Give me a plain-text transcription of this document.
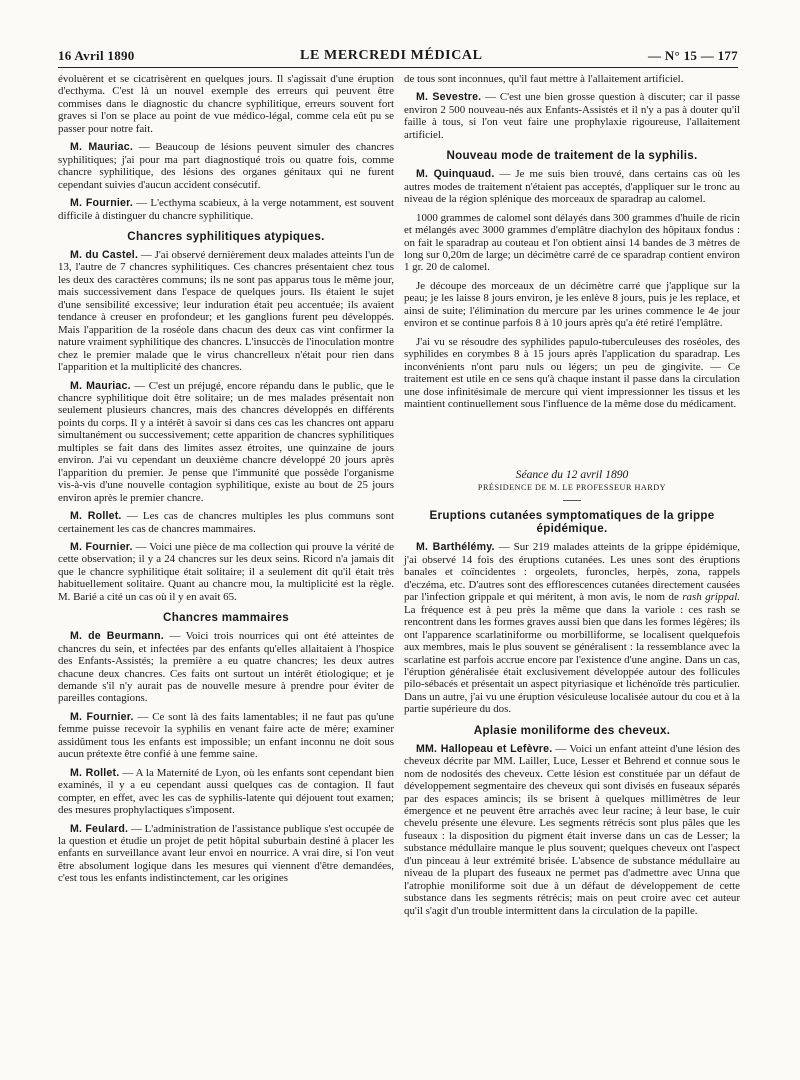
16 Avril 1890	LE MERCREDI MÉDICAL	— N° 15 — 177

évoluèrent et se cicatrisèrent en quelques jours. Il s'agissait d'une éruption d'ecthyma. C'est là un nouvel exemple des erreurs qui peuvent être commises dans le diagnostic du chancre syphilitique, erreurs souvent fort graves si l'on se place au point de vue médico-légal, comme cela eût pu se passer pour notre fait.

M. Mauriac. — Beaucoup de lésions peuvent simuler des chancres syphilitiques; j'ai pour ma part diagnostiqué trois ou quatre fois, comme chancre syphilitique, des lésions des organes génitaux qui ne furent cependant suivies d'aucun accident consécutif.

M. Fournier. — L'ecthyma scabieux, à la verge notamment, est souvent difficile à distinguer du chancre syphilitique.

Chancres syphilitiques atypiques.

M. du Castel. — J'ai observé dernièrement deux malades atteints l'un de 13, l'autre de 7 chancres syphilitiques. Ces chancres présentaient chez tous les deux des caractères communs; ils ne sont pas apparus tous le même jour, mais successivement dans l'espace de quelques jours. Ils étaient le sujet d'une sensibilité excessive; leur induration était peu accentuée; ils avaient tendance à creuser en profondeur; et les ganglions furent peu développés. Mais l'apparition de la roséole dans chacun des deux cas vint confirmer la nature vraiment syphilitique des chancres. L'insuccès de l'inoculation montre chez le premier malade que le virus chancrelleux n'était pour rien dans l'apparition et la multiplicité des chancres.

M. Mauriac. — C'est un préjugé, encore répandu dans le public, que le chancre syphilitique doit être solitaire; un de mes malades présentait non seulement plusieurs chancres, mais des chancres développés en différents points du corps. Il y a intérêt à savoir si dans ces cas les chancres ont apparu simultanément ou successivement; cette apparition de chancres syphilitiques multiples se fait dans des limites assez étroites, une quinzaine de jours environ. J'ai vu cependant un deuxième chancre développé 20 jours après l'apparition du premier. Je pense que l'immunité que possède l'organisme vis-à-vis d'une nouvelle contagion syphilitique, existe au bout de 25 jours environ après le premier chancre.

M. Rollet. — Les cas de chancres multiples les plus communs sont certainement les cas de chancres mammaires.

M. Fournier. — Voici une pièce de ma collection qui prouve la vérité de cette observation; il y a 24 chancres sur les deux seins. Ricord n'a jamais dit que le chancre syphilitique était solitaire; il a seulement dit qu'il était très habituellement solitaire. Quant au chancre mou, la multiplicité est la règle. M. Barié a cité un cas où il y en avait 65.

Chancres mammaires

M. de Beurmann. — Voici trois nourrices qui ont été atteintes de chancres du sein, et infectées par des enfants qu'elles allaitaient à l'hospice des Enfants-Assistés; la première a eu quatre chancres; les deux autres chacune deux chancres. Ces faits ont surtout un intérêt étiologique; et je demande s'il n'y aurait pas de nouvelle mesure à prendre pour éviter de pareilles contagions.

M. Fournier. — Ce sont là des faits lamentables; il ne faut pas qu'une femme puisse recevoir la syphilis en venant faire acte de mère; examiner assidûment tous les enfants est impossible; un enfant inconnu ne doit sous aucun prétexte être confié à une femme saine.

M. Rollet. — A la Maternité de Lyon, où les enfants sont cependant bien examinés, il y a eu cependant aussi quelques cas de contagion. Il faut compter, en effet, avec les cas de syphilis-latente qui déjouent tout examen; des mesures prophylactiques s'imposent.

M. Feulard. — L'administration de l'assistance publique s'est occupée de la question et étudie un projet de petit hôpital suburbain destiné à placer les enfants en surveillance avant leur envoi en nourrice. A vrai dire, si l'on veut être absolument logique dans les mesures qui viennent d'être demandées, c'est tous les enfants indistinctement, car les origines

de tous sont inconnues, qu'il faut mettre à l'allaitement artificiel.

M. Sevestre. — C'est une bien grosse question à discuter; car il passe environ 2 500 nouveau-nés aux Enfants-Assistés et il n'y a pas à douter qu'il faille à tous, si l'on veut faire une prophylaxie rigoureuse, l'allaitement artificiel.

Nouveau mode de traitement de la syphilis.

M. Quinquaud. — Je me suis bien trouvé, dans certains cas où les autres modes de traitement n'étaient pas acceptés, d'appliquer sur le tronc au niveau de la région splénique des morceaux de sparadrap au calomel.

1000 grammes de calomel sont délayés dans 300 grammes d'huile de ricin et mélangés avec 3000 grammes d'emplâtre diachylon des hôpitaux fondus : on fait le sparadrap au couteau et l'on obtient ainsi 14 bandes de 3 mètres de long sur 0,20m de large; un décimètre carré de ce sparadrap contient environ 1 gr. 20 de calomel.

Je découpe des morceaux de un décimètre carré que j'applique sur la peau; je les laisse 8 jours environ, je les enlève 8 jours, puis je les replace, et ainsi de suite; l'élimination du mercure par les urines commence le 4e jour environ et se continue parfois 8 à 10 jours après qu'a été retiré l'emplâtre.

J'ai vu se résoudre des syphilides papulo-tuberculeuses des roséoles, des syphilides en corymbes 8 à 15 jours après l'application du sparadrap. Les inconvénients n'ont paru nuls ou légers; un peu de gingivite. — Ce traitement est utile en ce sens qu'à chaque instant il passe dans la circulation une dose infinitésimale de mercure qui vient impressionner les tissus et les maintient continuellement sous l'influence de la même dose du médicament.

Séance du 12 avril 1890
PRÉSIDENCE DE M. LE PROFESSEUR HARDY
Eruptions cutanées symptomatiques de la grippe épidémique.

M. Barthélémy. — Sur 219 malades atteints de la grippe épidémique, j'ai observé 14 fois des éruptions cutanées. Les unes sont des éruptions banales et coïncidentes : orgeolets, furoncles, herpès, zona, rappels d'eczéma, etc. D'autres sont des efflorescences cutanées directement causées par l'infection grippale et qui méritent, à mon avis, le nom de rash grippal. La fréquence est à peu près la même que dans la variole : ces rash se rencontrent dans les formes graves aussi bien que dans les formes légères; ils ont l'apparence scarlatiniforme ou morbilliforme, se localisent quelquefois aux membres, mais le plus souvent se généralisent : la ressemblance avec la scarlatine est parfois accrue encore par l'existence d'une angine. Dans un cas, l'éruption généralisée était exclusivement développée autour des follicules pilo-sébacés et présentait un aspect pityriasique et lichénoïde très particulier. Dans un autre, j'ai vu une éruption vésiculeuse localisée autour du cou et à la partie supérieure du dos.

Aplasie moniliforme des cheveux.

MM. Hallopeau et Lefèvre. — Voici un enfant atteint d'une lésion des cheveux décrite par MM. Lailler, Luce, Lesser et Behrend et connue sous le nom de nodosités des cheveux. Cette lésion est constituée par un défaut de développement segmentaire des cheveux qui sont divisés en fuseaux séparés par des espaces amincis; ils se brisent à quelques millimètres de leur émergence et ne peuvent être arrachés avec leur racine; à leur base, le cuir chevelu présente une élevure. Les segments rétrécis sont plus pâles que les fuseaux : la disposition du pigment était inverse dans un cas de Lesser; la substance médullaire manque le plus souvent; quelques cheveux ont l'aspect d'un pinceau à leur extrémité brisée. L'absence de substance médullaire au niveau de la plupart des fuseaux ne permet pas d'admettre avec Unna que l'atrophie moniliforme soit due à un défaut de développement de cette substance dans les segments rétrécis; mais on peut croire avec cet auteur qu'il s'agit d'un trouble intermittent dans la circulation de la papille.
